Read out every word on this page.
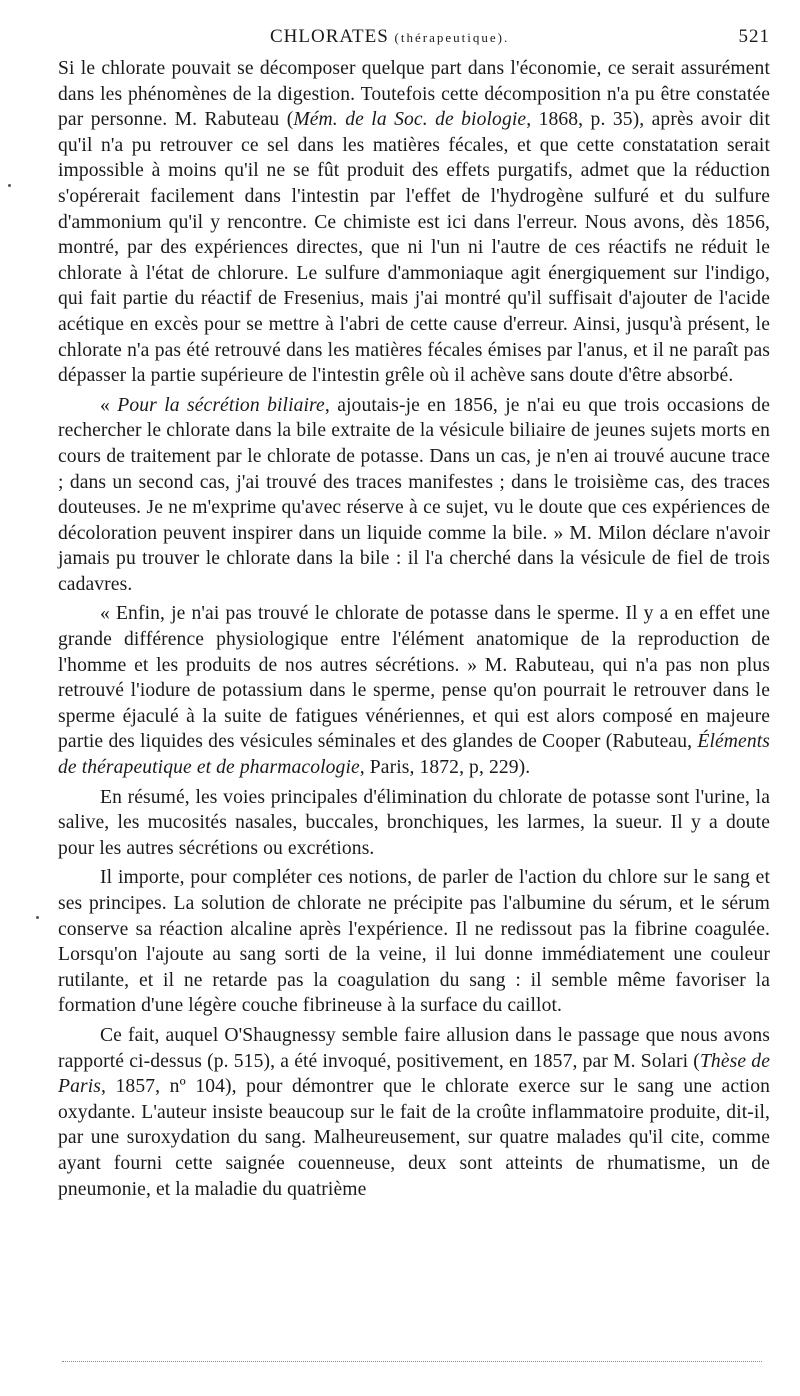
CHLORATES (thérapeutique).	521

Si le chlorate pouvait se décomposer quelque part dans l'économie, ce serait assurément dans les phénomènes de la digestion. Toutefois cette décomposition n'a pu être constatée par personne. M. Rabuteau (Mém. de la Soc. de biologie, 1868, p. 35), après avoir dit qu'il n'a pu retrouver ce sel dans les matières fécales, et que cette constatation serait impossible à moins qu'il ne se fût produit des effets purgatifs, admet que la réduction s'opérerait facilement dans l'intestin par l'effet de l'hydrogène sulfuré et du sulfure d'ammonium qu'il y rencontre. Ce chimiste est ici dans l'erreur. Nous avons, dès 1856, montré, par des expériences directes, que ni l'un ni l'autre de ces réactifs ne réduit le chlorate à l'état de chlorure. Le sulfure d'ammoniaque agit énergiquement sur l'indigo, qui fait partie du réactif de Fresenius, mais j'ai montré qu'il suffisait d'ajouter de l'acide acétique en excès pour se mettre à l'abri de cette cause d'erreur. Ainsi, jusqu'à présent, le chlorate n'a pas été retrouvé dans les matières fécales émises par l'anus, et il ne paraît pas dépasser la partie supérieure de l'intestin grêle où il achève sans doute d'être absorbé.

« Pour la sécrétion biliaire, ajoutais-je en 1856, je n'ai eu que trois occasions de rechercher le chlorate dans la bile extraite de la vésicule biliaire de jeunes sujets morts en cours de traitement par le chlorate de potasse. Dans un cas, je n'en ai trouvé aucune trace ; dans un second cas, j'ai trouvé des traces manifestes ; dans le troisième cas, des traces douteuses. Je ne m'exprime qu'avec réserve à ce sujet, vu le doute que ces expériences de décoloration peuvent inspirer dans un liquide comme la bile. » M. Milon déclare n'avoir jamais pu trouver le chlorate dans la bile : il l'a cherché dans la vésicule de fiel de trois cadavres.

« Enfin, je n'ai pas trouvé le chlorate de potasse dans le sperme. Il y a en effet une grande différence physiologique entre l'élément anatomique de la reproduction de l'homme et les produits de nos autres sécrétions. » M. Rabuteau, qui n'a pas non plus retrouvé l'iodure de potassium dans le sperme, pense qu'on pourrait le retrouver dans le sperme éjaculé à la suite de fatigues vénériennes, et qui est alors composé en majeure partie des liquides des vésicules séminales et des glandes de Cooper (Rabuteau, Éléments de thérapeutique et de pharmacologie, Paris, 1872, p, 229).

En résumé, les voies principales d'élimination du chlorate de potasse sont l'urine, la salive, les mucosités nasales, buccales, bronchiques, les larmes, la sueur. Il y a doute pour les autres sécrétions ou excrétions.

Il importe, pour compléter ces notions, de parler de l'action du chlore sur le sang et ses principes. La solution de chlorate ne précipite pas l'albumine du sérum, et le sérum conserve sa réaction alcaline après l'expérience. Il ne redissout pas la fibrine coagulée. Lorsqu'on l'ajoute au sang sorti de la veine, il lui donne immédiatement une couleur rutilante, et il ne retarde pas la coagulation du sang : il semble même favoriser la formation d'une légère couche fibrineuse à la surface du caillot.

Ce fait, auquel O'Shaugnessy semble faire allusion dans le passage que nous avons rapporté ci-dessus (p. 515), a été invoqué, positivement, en 1857, par M. Solari (Thèse de Paris, 1857, nº 104), pour démontrer que le chlorate exerce sur le sang une action oxydante. L'auteur insiste beaucoup sur le fait de la croûte inflammatoire produite, dit-il, par une suroxydation du sang. Malheureusement, sur quatre malades qu'il cite, comme ayant fourni cette saignée couenneuse, deux sont atteints de rhumatisme, un de pneumonie, et la maladie du quatrième
